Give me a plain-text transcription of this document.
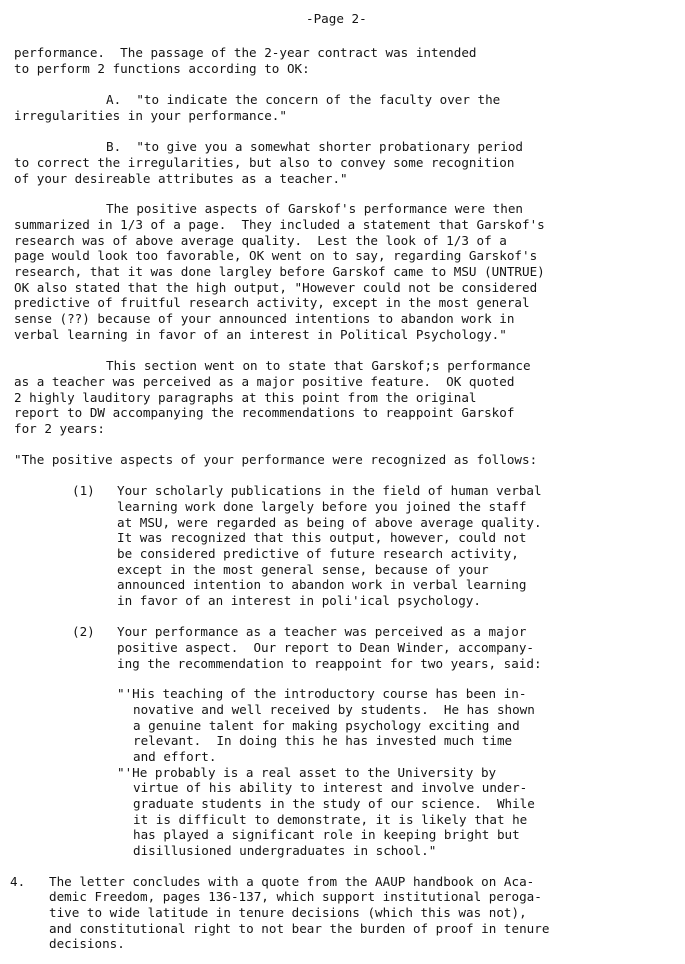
-Page 2-
performance.  The passage of the 2-year contract was intended
to perform 2 functions according to OK:
A.  "to indicate the concern of the faculty over the
irregularities in your performance."
B.  "to give you a somewhat shorter probationary period
to correct the irregularities, but also to convey some recognition
of your desireable attributes as a teacher."
The positive aspects of Garskof's performance were then
summarized in 1/3 of a page.  They included a statement that Garskof's
research was of above average quality.  Lest the look of 1/3 of a
page would look too favorable, OK went on to say, regarding Garskof's
research, that it was done largley before Garskof came to MSU (UNTRUE)
OK also stated that the high output, "However could not be considered
predictive of fruitful research activity, except in the most general
sense (??) because of your announced intentions to abandon work in
verbal learning in favor of an interest in Political Psychology."
This section went on to state that Garskof;s performance
as a teacher was perceived as a major positive feature.  OK quoted
2 highly lauditory paragraphs at this point from the original
report to DW accompanying the recommendations to reappoint Garskof
for 2 years:
"The positive aspects of your performance were recognized as follows:
(1) Your scholarly publications in the field of human verbal
learning work done largely before you joined the staff
at MSU, were regarded as being of above average quality.
It was recognized that this output, however, could not
be considered predictive of future research activity,
except in the most general sense, because of your
announced intention to abandon work in verbal learning
in favor of an interest in poli'ical psychology.
(2) Your performance as a teacher was perceived as a major
positive aspect.  Our report to Dean Winder, accompany-
ing the recommendation to reappoint for two years, said:
"'His teaching of the introductory course has been in-
novative and well received by students.  He has shown
a genuine talent for making psychology exciting and
relevant.  In doing this he has invested much time
and effort.
"'He probably is a real asset to the University by
virtue of his ability to interest and involve under-
graduate students in the study of our science.  While
it is difficult to demonstrate, it is likely that he
has played a significant role in keeping bright but
disillusioned undergraduates in school."
4. The letter concludes with a quote from the AAUP handbook on Aca-
demic Freedom, pages 136-137, which support institutional peroga-
tive to wide latitude in tenure decisions (which this was not),
and constitutional right to not bear the burden of proof in tenure
decisions.
